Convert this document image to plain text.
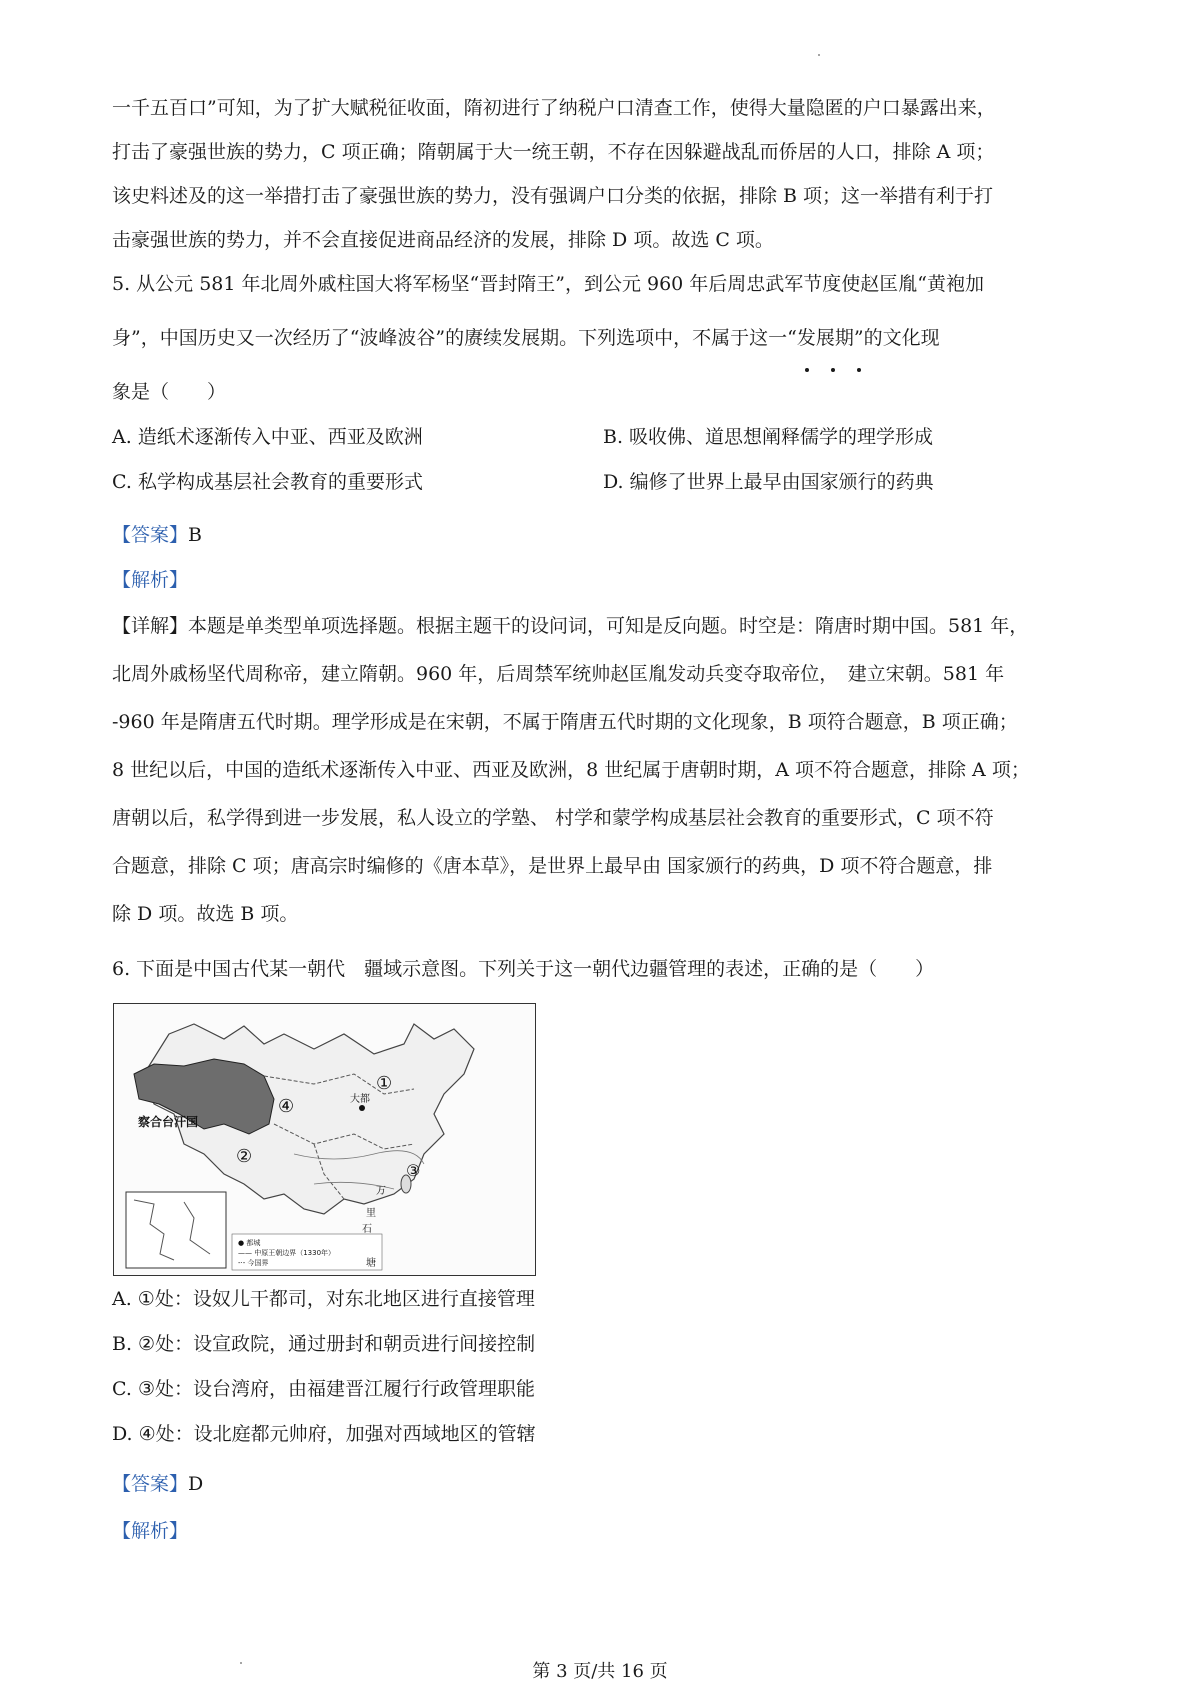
一千五百口”可知，为了扩大赋税征收面，隋初进行了纳税户口清查工作，使得大量隐匿的户口暴露出来，
打击了豪强世族的势力，C 项正确；隋朝属于大一统王朝，不存在因躲避战乱而侨居的人口，排除 A 项；
该史料述及的这一举措打击了豪强世族的势力，没有强调户口分类的依据，排除 B 项；这一举措有利于打
击豪强世族的势力，并不会直接促进商品经济的发展，排除 D 项。故选 C 项。
5. 从公元 581 年北周外戚柱国大将军杨坚“晋封隋王”，到公元 960 年后周忠武军节度使赵匡胤“黄袍加
身”，中国历史又一次经历了“波峰波谷”的赓续发展期。下列选项中，不属于这一“发展期”的文化现
象是（　　）
A. 造纸术逐渐传入中亚、西亚及欧洲	B. 吸收佛、道思想阐释儒学的理学形成
C. 私学构成基层社会教育的重要形式	D. 编修了世界上最早由国家颁行的药典
【答案】B
【解析】
【详解】本题是单类型单项选择题。根据主题干的设问词，可知是反向题。时空是：隋唐时期中国。581 年，
北周外戚杨坚代周称帝，建立隋朝。960 年，后周禁军统帅赵匡胤发动兵变夺取帝位，　建立宋朝。581 年
-960 年是隋唐五代时期。理学形成是在宋朝，不属于隋唐五代时期的文化现象，B 项符合题意，B 项正确；
8 世纪以后，中国的造纸术逐渐传入中亚、西亚及欧洲，8 世纪属于唐朝时期，A 项不符合题意，排除 A 项；
唐朝以后，私学得到进一步发展，私人设立的学塾、 村学和蒙学构成基层社会教育的重要形式，C 项不符
合题意，排除 C 项；唐高宗时编修的《唐本草》，是世界上最早由 国家颁行的药典，D 项不符合题意，排
除 D 项。故选 B 项。
6. 下面是中国古代某一朝代　疆域示意图。下列关于这一朝代边疆管理的表述，正确的是（　　）
察合台汗国
④
①
②
③
大都
万
里
石
塘
● 都城
—— 中原王朝边界（1330年）
-·- 今国界
A. ①处：设奴儿干都司，对东北地区进行直接管理
B. ②处：设宣政院，通过册封和朝贡进行间接控制
C. ③处：设台湾府，由福建晋江履行行政管理职能
D. ④处：设北庭都元帅府，加强对西域地区的管辖
【答案】D
【解析】
第 3 页/共 16 页
